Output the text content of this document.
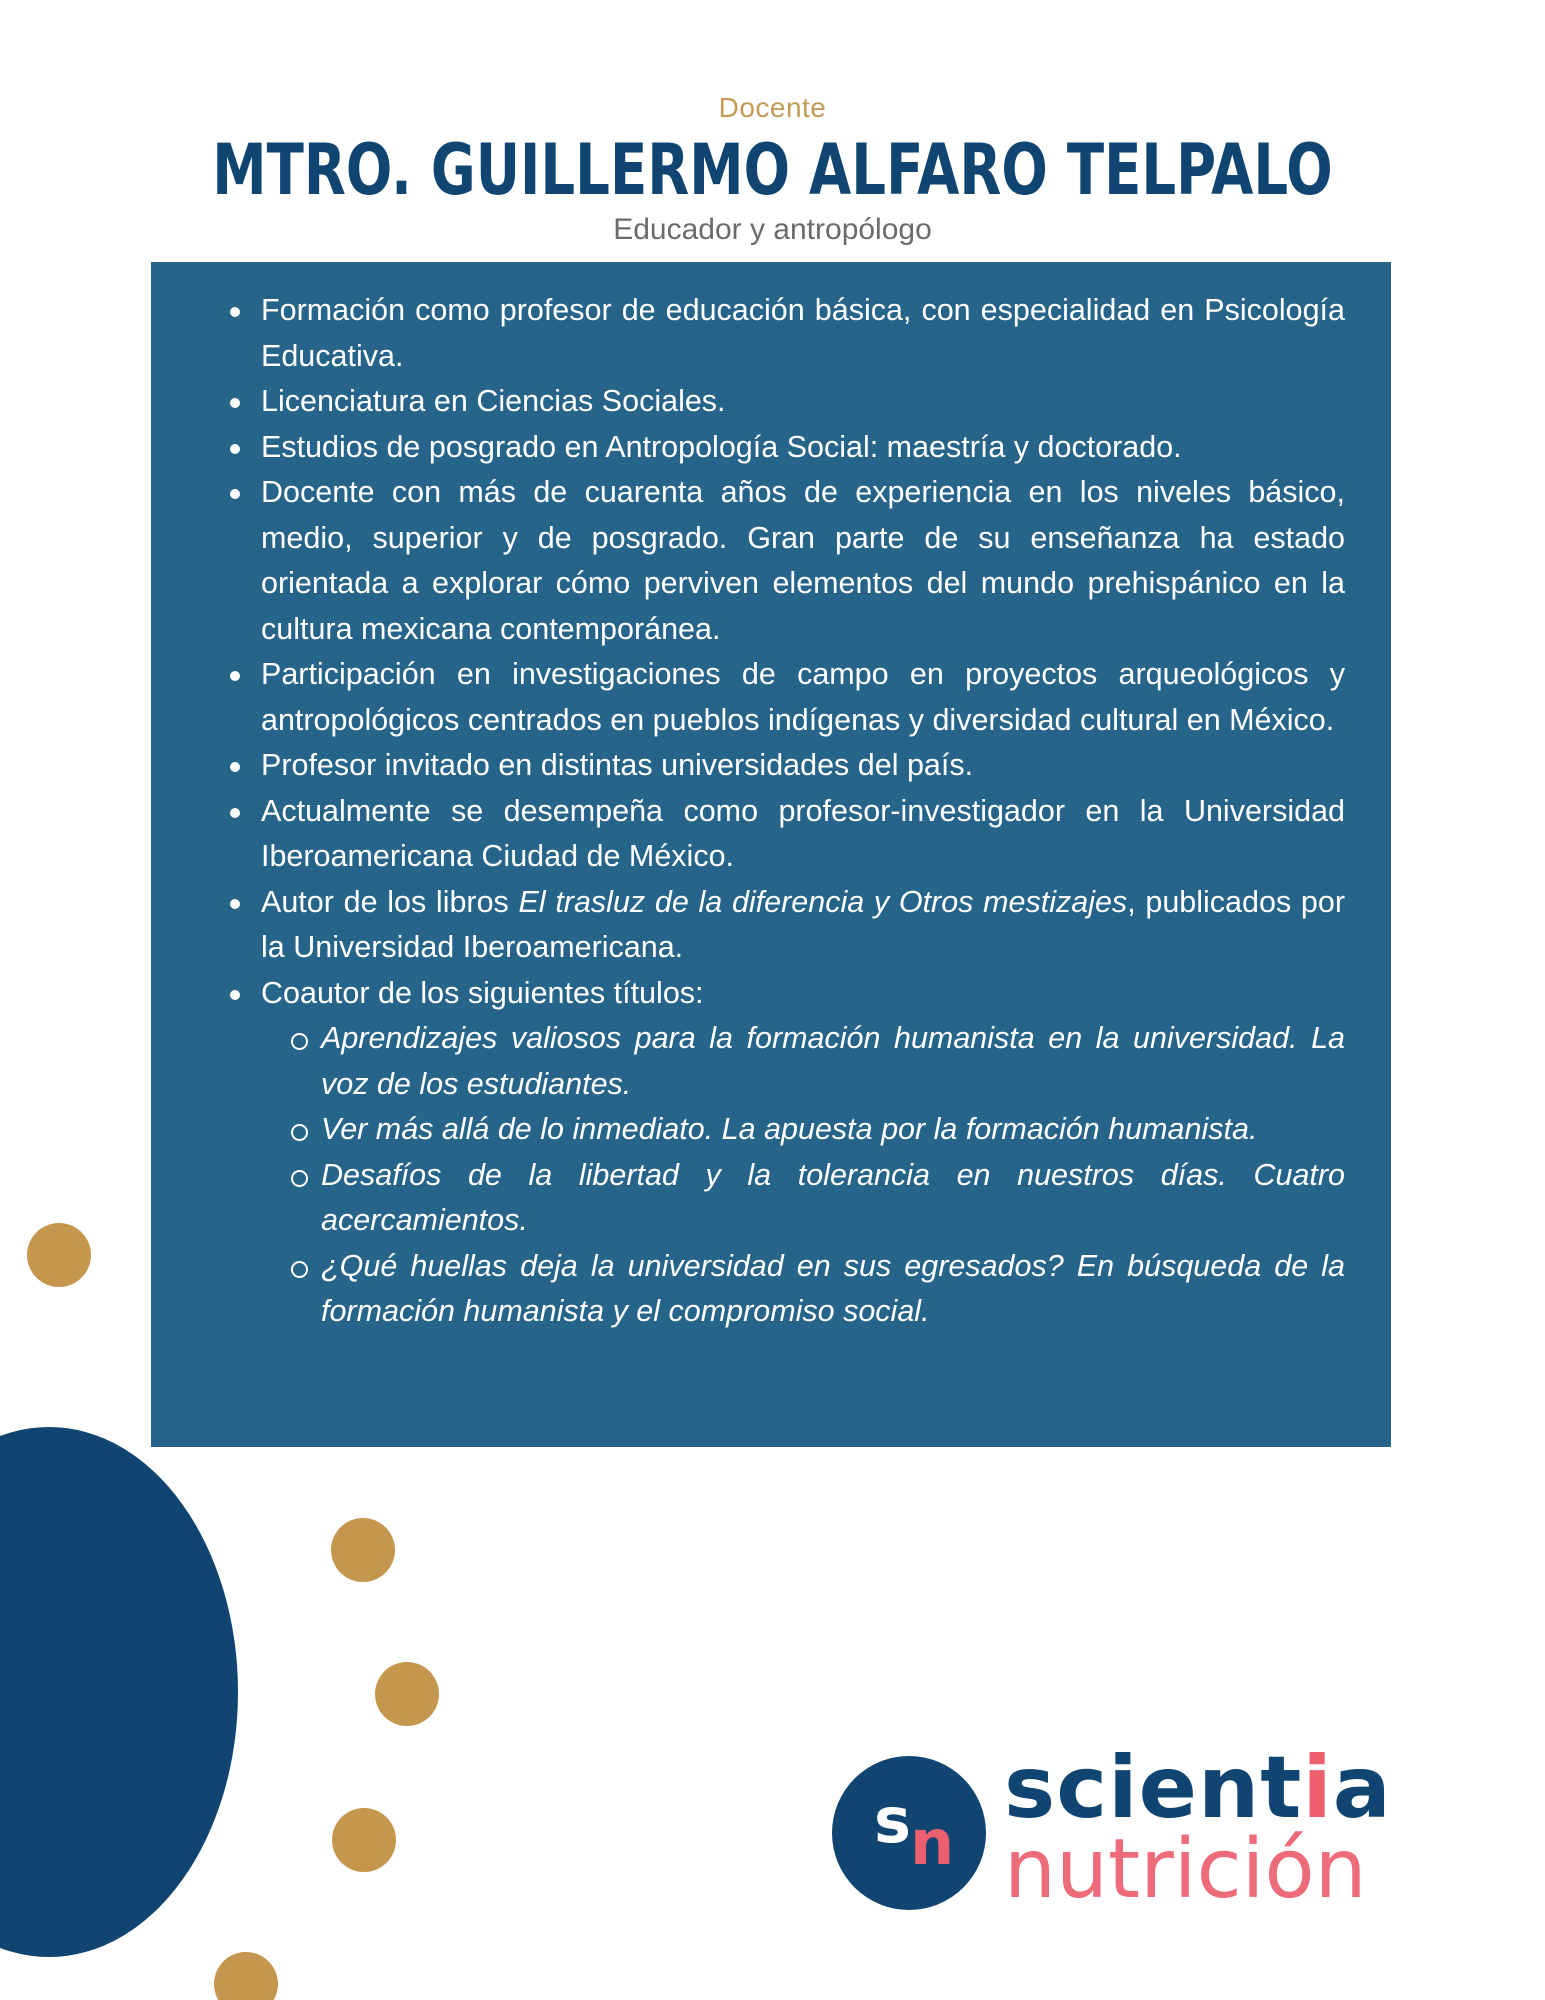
Docente
MTRO. GUILLERMO ALFARO TELPALO
Educador y antropólogo
Formación como profesor de educación básica, con especialidad en Psicología Educativa.
Licenciatura en Ciencias Sociales.
Estudios de posgrado en Antropología Social: maestría y doctorado.
Docente con más de cuarenta años de experiencia en los niveles básico, medio, superior y de posgrado. Gran parte de su enseñanza ha estado orientada a explorar cómo perviven elementos del mundo prehispánico en la cultura mexicana contemporánea.
Participación en investigaciones de campo en proyectos arqueológicos y antropológicos centrados en pueblos indígenas y diversidad cultural en México.
Profesor invitado en distintas universidades del país.
Actualmente se desempeña como profesor-investigador en la Universidad Iberoamericana Ciudad de México.
Autor de los libros El trasluz de la diferencia y Otros mestizajes, publicados por la Universidad Iberoamericana.
Coautor de los siguientes títulos:
Aprendizajes valiosos para la formación humanista en la universidad. La voz de los estudiantes.
Ver más allá de lo inmediato. La apuesta por la formación humanista.
Desafíos de la libertad y la tolerancia en nuestros días. Cuatro acercamientos.
¿Qué huellas deja la universidad en sus egresados? En búsqueda de la formación humanista y el compromiso social.
s n
scientia
nutrición
